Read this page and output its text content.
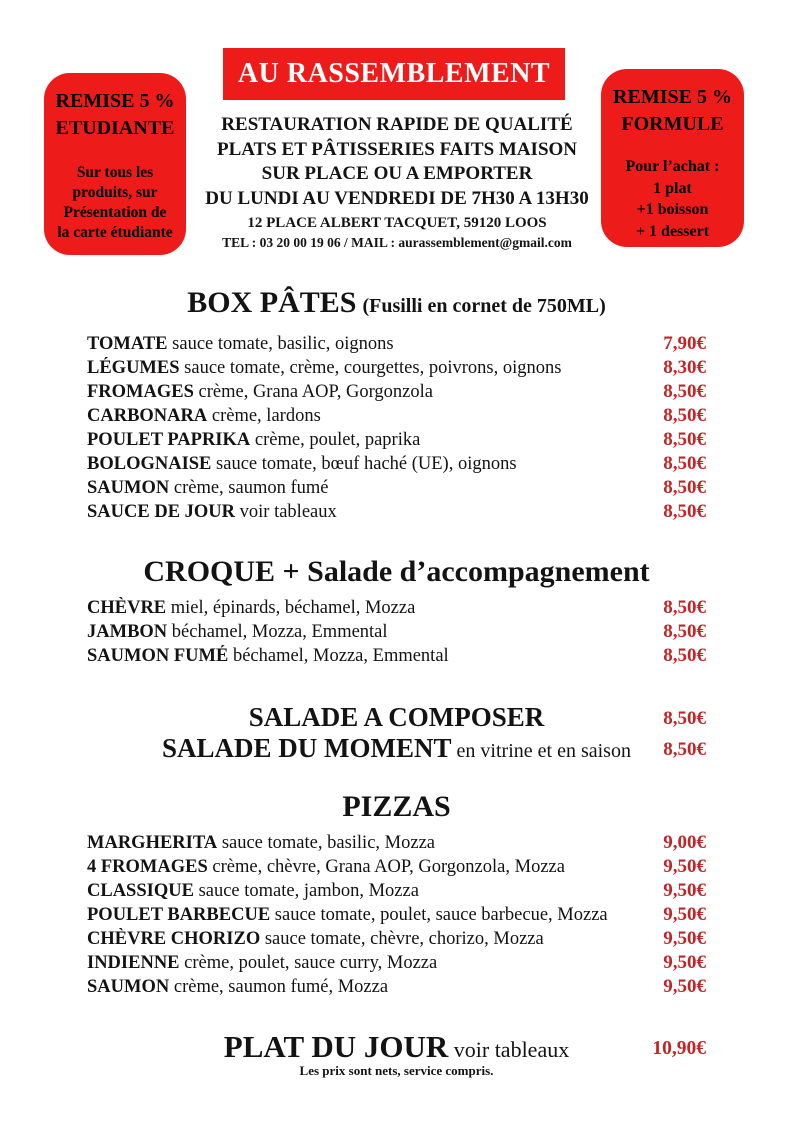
REMISE 5 %
ETUDIANTE
Sur tous les
produits, sur
Présentation de
la carte étudiante
AU RASSEMBLEMENT
REMISE 5 %
FORMULE
Pour l’achat :
1 plat
+1 boisson
+ 1 dessert
RESTAURATION RAPIDE DE QUALITÉ
PLATS ET PÂTISSERIES FAITS MAISON
SUR PLACE OU A EMPORTER
DU LUNDI AU VENDREDI DE 7H30 A 13H30
12 PLACE ALBERT TACQUET, 59120 LOOS
TEL : 03 20 00 19 06 / MAIL : aurassemblement@gmail.com
BOX PÂTES (Fusilli en cornet de 750ML)
TOMATE sauce tomate, basilic, oignons	7,90€
LÉGUMES sauce tomate, crème, courgettes, poivrons, oignons	8,30€
FROMAGES crème, Grana AOP, Gorgonzola	8,50€
CARBONARA crème, lardons	8,50€
POULET PAPRIKA crème, poulet, paprika	8,50€
BOLOGNAISE sauce tomate, bœuf haché (UE), oignons	8,50€
SAUMON crème, saumon fumé	8,50€
SAUCE DE JOUR voir tableaux	8,50€
CROQUE + Salade d’accompagnement
CHÈVRE miel, épinards, béchamel, Mozza	8,50€
JAMBON béchamel, Mozza, Emmental	8,50€
SAUMON FUMÉ béchamel, Mozza, Emmental	8,50€
SALADE A COMPOSER	8,50€
SALADE DU MOMENT en vitrine et en saison 8,50€
PIZZAS
MARGHERITA sauce tomate, basilic, Mozza	9,00€
4 FROMAGES crème, chèvre, Grana AOP, Gorgonzola, Mozza	9,50€
CLASSIQUE sauce tomate, jambon, Mozza	9,50€
POULET BARBECUE sauce tomate, poulet, sauce barbecue, Mozza	9,50€
CHÈVRE CHORIZO sauce tomate, chèvre, chorizo, Mozza	9,50€
INDIENNE crème, poulet, sauce curry, Mozza	9,50€
SAUMON crème, saumon fumé, Mozza	9,50€
PLAT DU JOUR voir tableaux	10,90€
Les prix sont nets, service compris.
